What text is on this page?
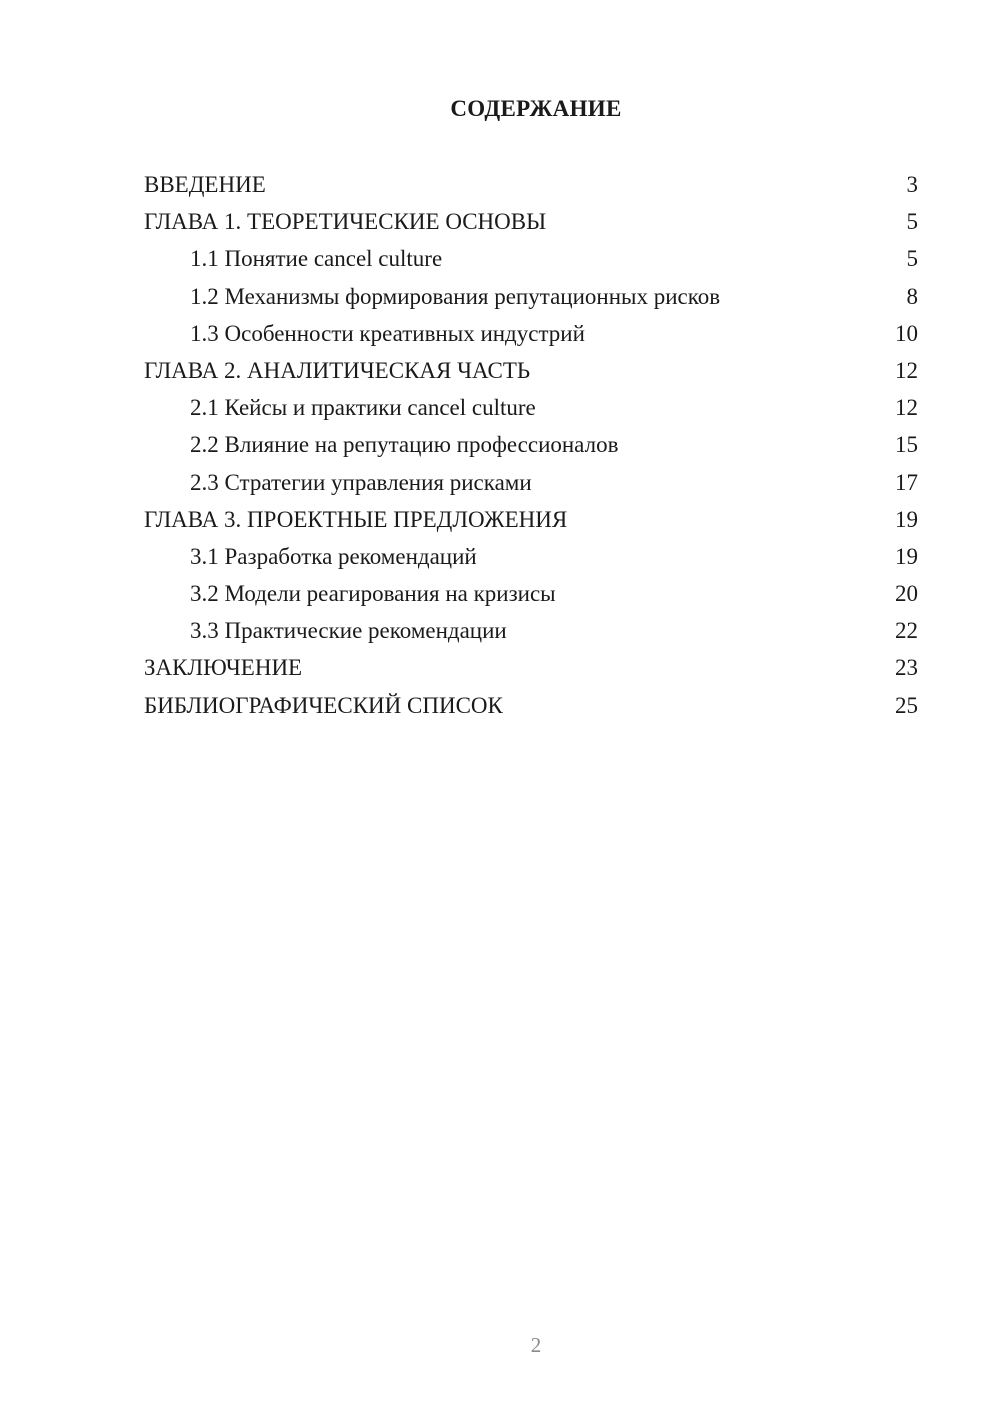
СОДЕРЖАНИЕ
ВВЕДЕНИЕ	3
ГЛАВА 1. ТЕОРЕТИЧЕСКИЕ ОСНОВЫ	5
1.1 Понятие cancel culture	5
1.2 Механизмы формирования репутационных рисков	8
1.3 Особенности креативных индустрий	10
ГЛАВА 2. АНАЛИТИЧЕСКАЯ ЧАСТЬ	12
2.1 Кейсы и практики cancel culture	12
2.2 Влияние на репутацию профессионалов	15
2.3 Стратегии управления рисками	17
ГЛАВА 3. ПРОЕКТНЫЕ ПРЕДЛОЖЕНИЯ	19
3.1 Разработка рекомендаций	19
3.2 Модели реагирования на кризисы	20
3.3 Практические рекомендации	22
ЗАКЛЮЧЕНИЕ	23
БИБЛИОГРАФИЧЕСКИЙ СПИСОК	25
2
